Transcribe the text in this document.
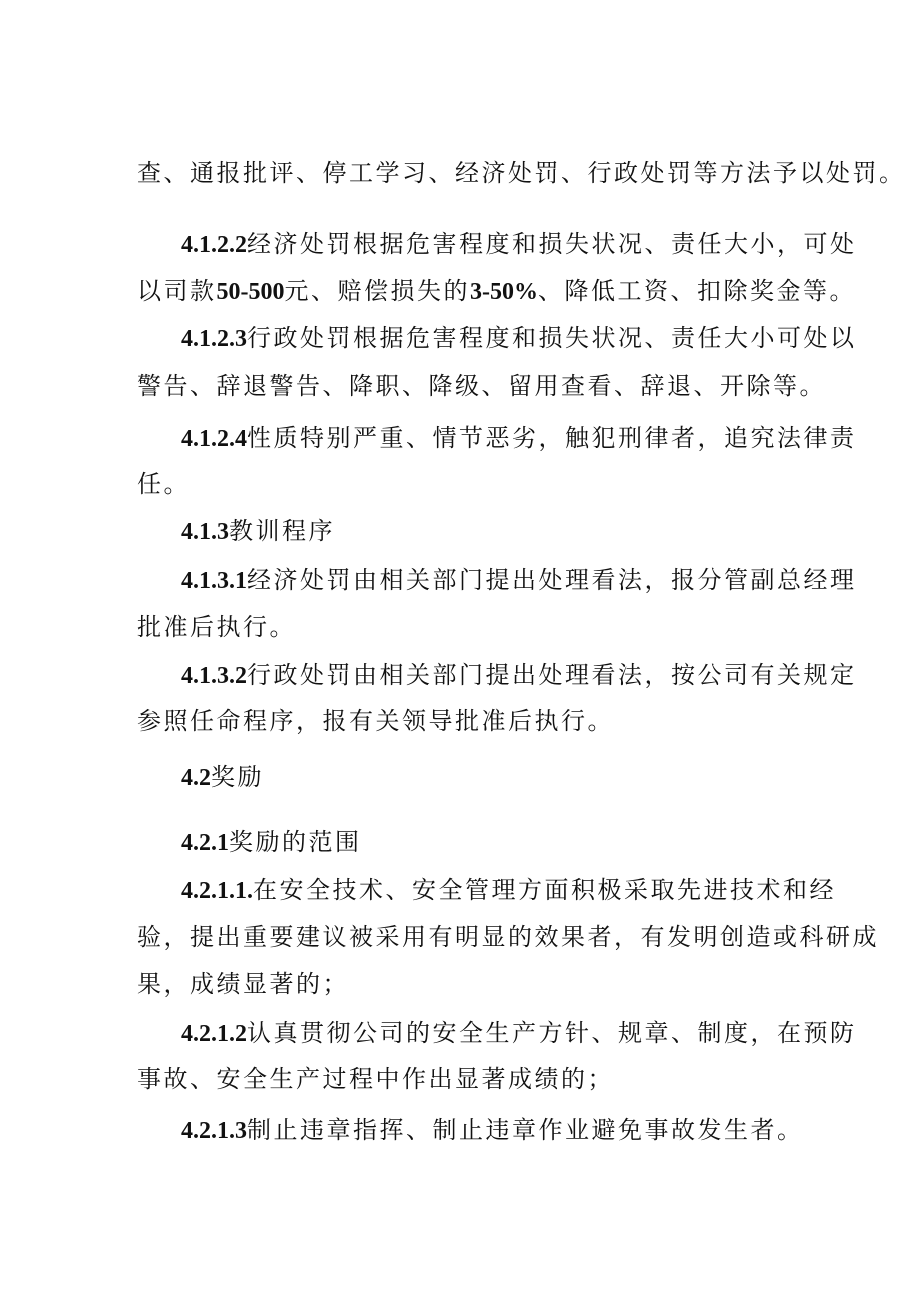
查、通报批评、停工学习、经济处罚、行政处罚等方法予以处罚。
4.1.2.2经济处罚根据危害程度和损失状况、责任大小，可处
以司款50-500元、赔偿损失的3-50%、降低工资、扣除奖金等。
4.1.2.3行政处罚根据危害程度和损失状况、责任大小可处以
警告、辞退警告、降职、降级、留用查看、辞退、开除等。
4.1.2.4性质特别严重、情节恶劣，触犯刑律者，追究法律责
任。
4.1.3教训程序
4.1.3.1经济处罚由相关部门提出处理看法，报分管副总经理
批准后执行。
4.1.3.2行政处罚由相关部门提出处理看法，按公司有关规定
参照任命程序，报有关领导批准后执行。
4.2奖励
4.2.1奖励的范围
4.2.1.1.在安全技术、安全管理方面积极采取先进技术和经
验，提出重要建议被采用有明显的效果者，有发明创造或科研成
果，成绩显著的；
4.2.1.2认真贯彻公司的安全生产方针、规章、制度，在预防
事故、安全生产过程中作出显著成绩的；
4.2.1.3制止违章指挥、制止违章作业避免事故发生者。
